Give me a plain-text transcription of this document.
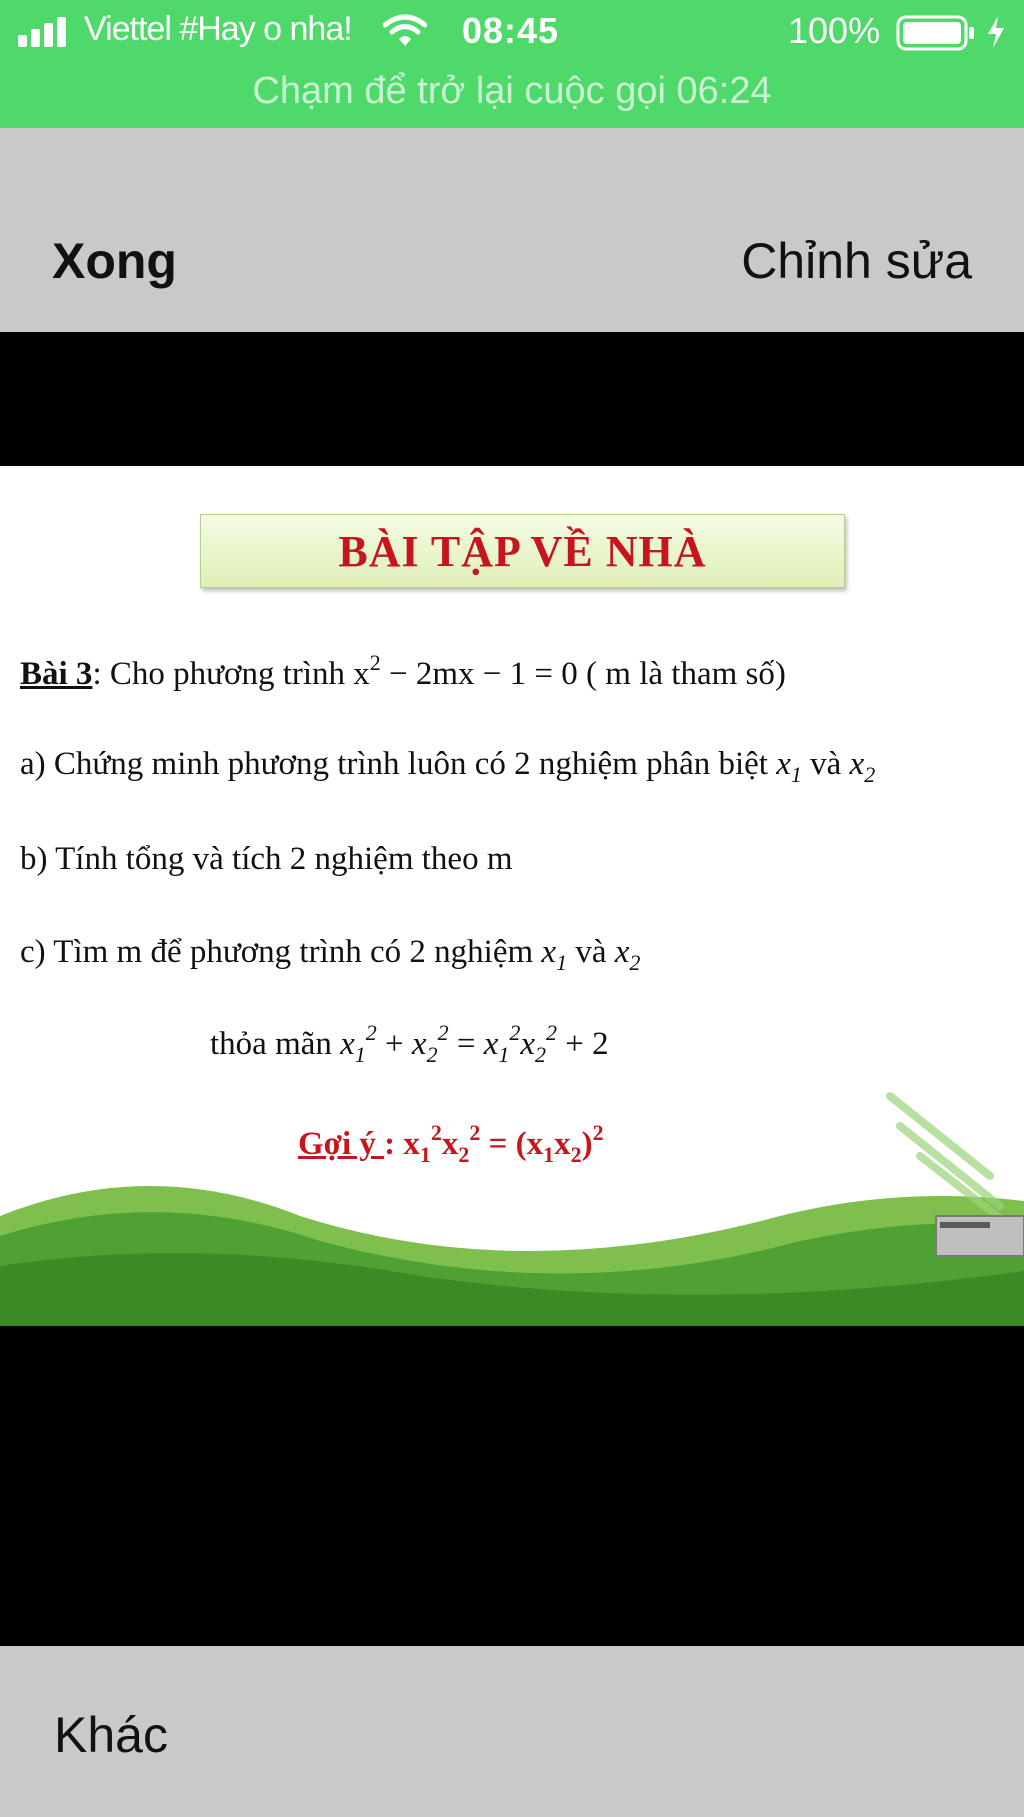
Viettel #Hay o nha!	08:45	100%
Chạm để trở lại cuộc gọi 06:24
Xong	Chỉnh sửa
BÀI TẬP VỀ NHÀ
Bài 3: Cho phương trình $x^2 - 2mx - 1 = 0$ ( m là tham số)
a) Chứng minh phương trình luôn có 2 nghiệm phân biệt $x_1$ và $x_2$
b) Tính tổng và tích 2 nghiệm theo m
c) Tìm m để phương trình có 2 nghiệm $x_1$ và $x_2$
thỏa mãn $x_1^2 + x_2^2 = x_1^2x_2^2 + 2$
Gợi ý : $x_1^2x_2^2 = (x_1x_2)^2$
Khác
